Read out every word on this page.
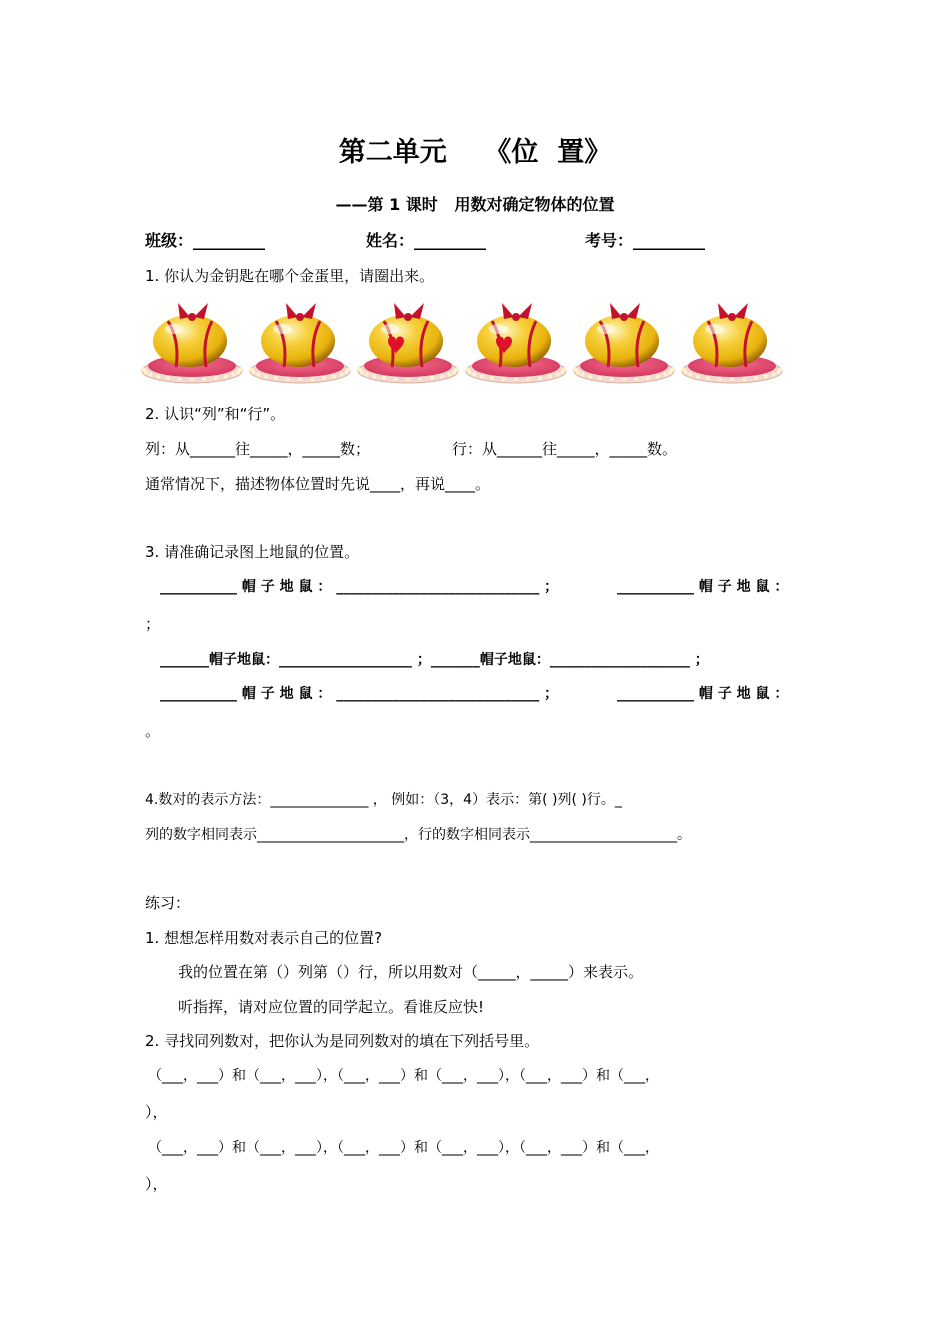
第二单元    《位  置》
——第 1 课时   用数对确定物体的位置
班级：_________	姓名：_________	考号：_________
1. 你认为金钥匙在哪个金蛋里，请圈出来。
2. 认识“列”和“行”。
列：从______往_____，_____数；	行：从______往_____，_____数。
通常情况下，描述物体位置时先说____，再说____。
3. 请准确记录图上地鼠的位置。
___________ 帽 子 地 鼠 ： _____________________________ ；	___________ 帽 子 地 鼠 ：
；
_______帽子地鼠：___________________ ；_______帽子地鼠：____________________ ；
___________ 帽 子 地 鼠 ： _____________________________ ；	___________ 帽 子 地 鼠 ：
。
4.数对的表示方法：______________ ， 例如：（3，4）表示：第( )列( )行。_
列的数字相同表示_____________________，行的数字相同表示_____________________。
练习：
1. 想想怎样用数对表示自己的位置?
我的位置在第（）列第（）行，所以用数对（_____，_____）来表示。
听指挥，请对应位置的同学起立。看谁反应快!
2. 寻找同列数对，把你认为是同列数对的填在下列括号里。
（___，___）和（___，___），（___，___）和（___，___），（___，___）和（___，
），
（___，___）和（___，___），（___，___）和（___，___），（___，___）和（___，
），
